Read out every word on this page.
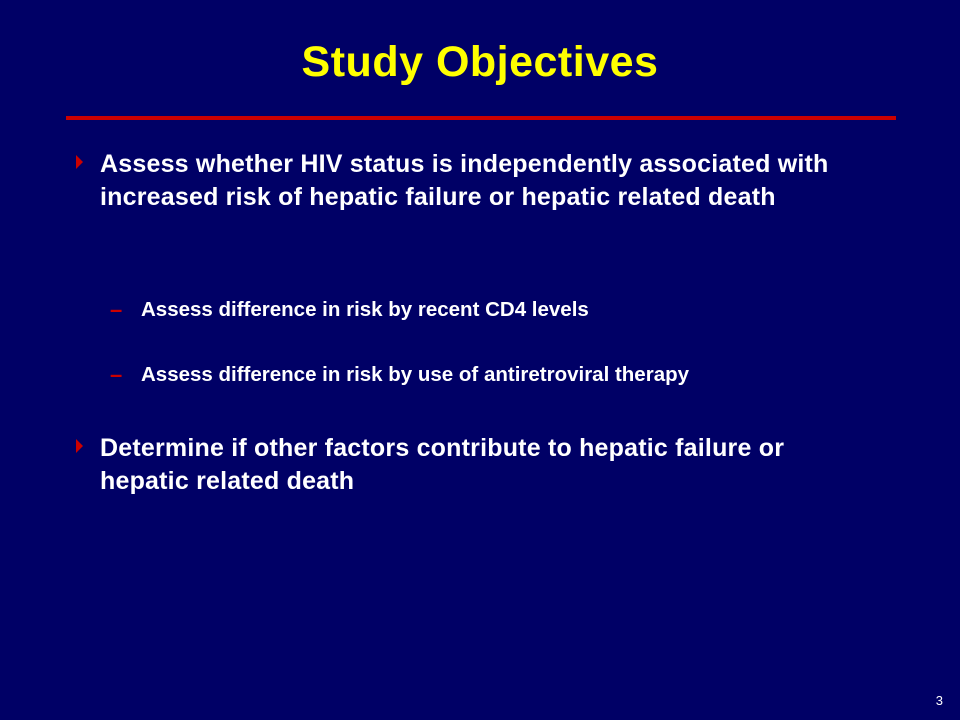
Study Objectives
Assess whether HIV status is independently associated with increased risk of hepatic failure or hepatic related death
– Assess difference in risk by recent CD4 levels
– Assess difference in risk by use of antiretroviral therapy
Determine if other factors contribute to hepatic failure or hepatic related death
3
